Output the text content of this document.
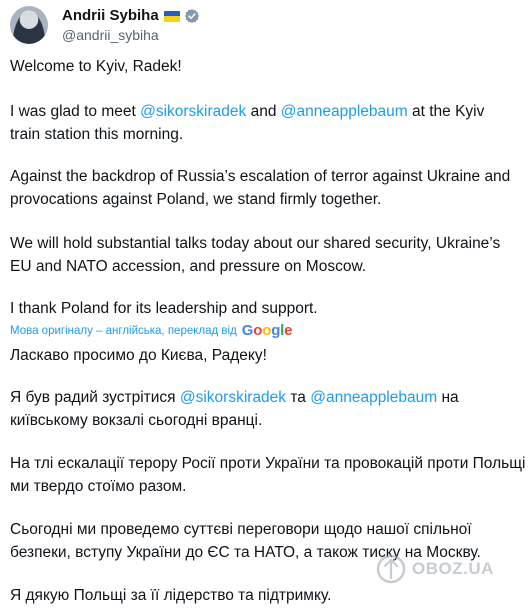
Andrii Sybiha
@andrii_sybiha
Welcome to Kyiv, Radek!
I was glad to meet @sikorskiradek and @anneapplebaum at the Kyiv
train station this morning.
Against the backdrop of Russia’s escalation of terror against Ukraine and
provocations against Poland, we stand firmly together.
We will hold substantial talks today about our shared security, Ukraine’s
EU and NATO accession, and pressure on Moscow.
I thank Poland for its leadership and support.
Мова оригіналу – англійська, переклад від Google
Ласкаво просимо до Києва, Радеку!
Я був радий зустрітися @sikorskiradek та @anneapplebaum на
київському вокзалі сьогодні вранці.
На тлі ескалації терору Росії проти України та провокацій проти Польщі
ми твердо стоїмо разом.
Сьогодні ми проведемо суттєві переговори щодо нашої спільної
безпеки, вступу України до ЄС та НАТО, а також тиску на Москву.
Я дякую Польщі за її лідерство та підтримку.
OBOZ.UA
